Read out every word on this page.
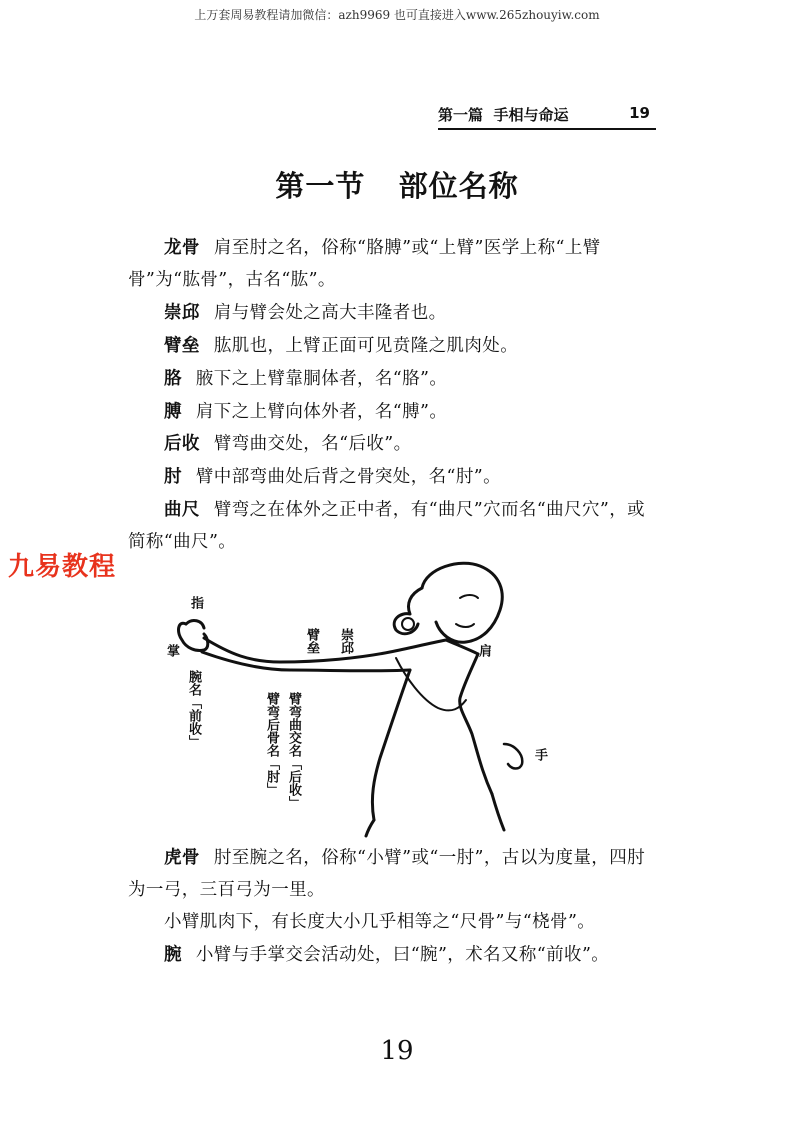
上万套周易教程请加微信：azh9969 也可直接进入www.265zhouyiw.com
第一篇  手相与命运	19
第一节   部位名称
龙骨 肩至肘之名，俗称“胳膊”或“上臂”医学上称“上臂骨”为“肱骨”，古名“肱”。
崇邱 肩与臂会处之高大丰隆者也。
臂垒 肱肌也，上臂正面可见贲隆之肌肉处。
胳 腋下之上臂靠胴体者，名“胳”。
膊 肩下之上臂向体外者，名“膊”。
后收 臂弯曲交处，名“后收”。
肘 臂中部弯曲处后背之骨突处，名“肘”。
曲尺 臂弯之在体外之正中者，有“曲尺”穴而名“曲尺穴”，或简称“曲尺”。
九易教程
指
掌
腕名「前收」
臂垒 崇邱	肩
手
臂弯后骨名「肘」 臂弯曲交名「后收」
虎骨 肘至腕之名，俗称“小臂”或“一肘”，古以为度量，四肘为一弓，三百弓为一里。
小臂肌肉下，有长度大小几乎相等之“尺骨”与“桡骨”。
腕 小臂与手掌交会活动处，曰“腕”，术名又称“前收”。
19
